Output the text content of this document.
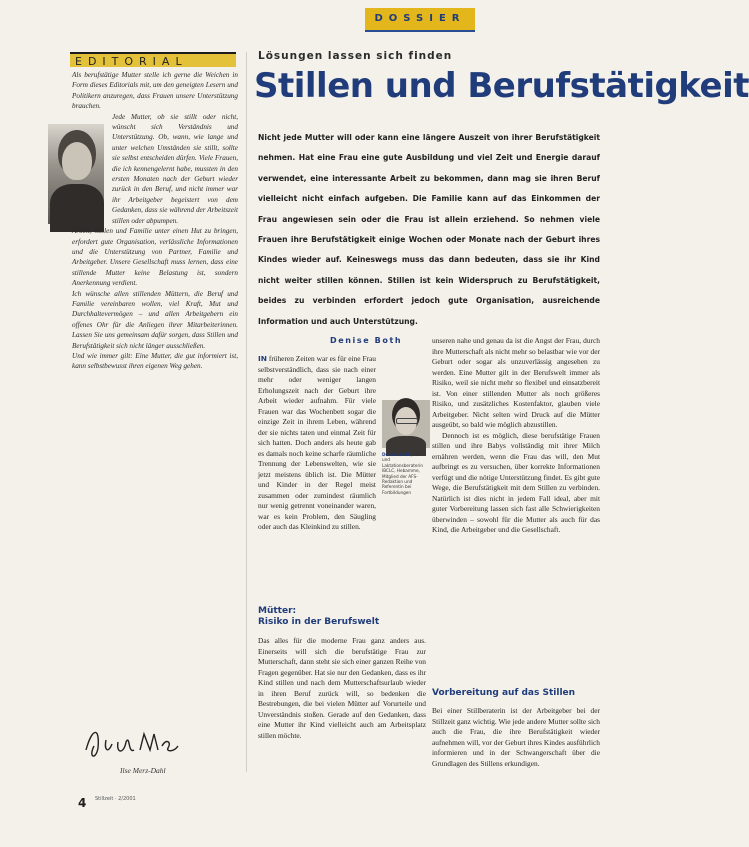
DOSSIER
EDITORIAL

Als berufstätige Mutter stelle ich gerne die Weichen in Form dieses Editorials mit, um den geneigten Lesern und Politikern anzuregen, dass Frauen unsere Unterstützung brauchen.

Jede Mutter, ob sie stillt oder nicht, wünscht sich Verständnis und Unterstützung. Ob, wann, wie lange und unter welchen Umständen sie stillt, sollte sie selbst entscheiden dürfen. Viele Frauen, die ich kennengelernt habe, mussten in den ersten Monaten nach der Geburt wieder zurück in den Beruf, und nicht immer war ihr Arbeitgeber begeistert von dem Gedanken, dass sie während der Arbeitszeit stillen oder abpumpen.

Arbeit, Stillen und Familie unter einen Hut zu bringen, erfordert gute Organisation, verlässliche Informationen und die Unterstützung von Partner, Familie und Arbeitgeber. Unsere Gesellschaft muss lernen, dass eine stillende Mutter keine Belastung ist, sondern Anerkennung verdient.

Ich wünsche allen stillenden Müttern, die Beruf und Familie vereinbaren wollen, viel Kraft, Mut und Durchhaltevermögen – und allen Arbeitgebern ein offenes Ohr für die Anliegen ihrer Mitarbeiterinnen. Lassen Sie uns gemeinsam dafür sorgen, dass Stillen und Berufstätigkeit sich nicht länger ausschließen.

Und wie immer gilt: Eine Mutter, die gut informiert ist, kann selbstbewusst ihren eigenen Weg gehen.

Ilse Merz-Dahl
4 Stillzeit · 2/2001
Lösungen lassen sich finden
Stillen und Berufstätigkeit

Nicht jede Mutter will oder kann eine längere Auszeit von ihrer Berufstätigkeit nehmen. Hat eine Frau eine gute Ausbildung und viel Zeit und Energie darauf verwendet, eine interessante Arbeit zu bekommen, dann mag sie ihren Beruf vielleicht nicht einfach aufgeben. Die Familie kann auf das Einkommen der Frau angewiesen sein oder die Frau ist allein erziehend. So nehmen viele Frauen ihre Berufstätigkeit einige Wochen oder Monate nach der Geburt ihres Kindes wieder auf. Keineswegs muss das dann bedeuten, dass sie ihr Kind nicht weiter stillen können. Stillen ist kein Widerspruch zu Berufstätigkeit, beides zu verbinden erfordert jedoch gute Organisation, ausreichende Information und auch Unterstützung.

Denise Both

IN früheren Zeiten war es für eine Frau selbstverständlich, dass sie nach einer mehr oder weniger langen Erholungszeit nach der Geburt ihre Arbeit wieder aufnahm. Für viele Frauen war das Wochenbett sogar die einzige Zeit in ihrem Leben, während der sie nichts taten und einmal Zeit für sich hatten. Doch anders als heute gab es damals noch keine scharfe räumliche Trennung der Lebenswelten, wie sie jetzt meistens üblich ist. Die Mütter und Kinder in der Regel meist zusammen oder zumindest räumlich nur wenig getrennt voneinander waren, war es kein Problem, den Säugling oder auch das Kleinkind zu stillen.

Denise Both, Still- und Laktationsberaterin IBCLC, Hebamme, Mitglied der AFS-Redaktion und Referentin bei Fortbildungen
Mütter:
Risiko in der Berufswelt

Das alles für die moderne Frau ganz anders aus. Einerseits will sich die berufstätige Frau zur Mutterschaft, dann steht sie sich einer ganzen Reihe von Fragen gegenüber. Hat sie nur den Gedanken, dass es ihr Kind stillen und nach dem Mutterschaftsurlaub wieder in ihren Beruf zurück will, so bedenken die Bestrebungen, die bei vielen Mütter auf Vorurteile und Unverständnis stoßen. Gerade auf den Gedanken, dass eine Mutter ihr Kind vielleicht auch am Arbeitsplatz stillen möchte.

unseren nahe und genau da ist die Angst der Frau, durch ihre Mutterschaft als nicht mehr so belastbar wie vor der Geburt oder sogar als unzuverlässig angesehen zu werden. Eine Mutter gilt in der Berufswelt immer als Risiko, weil sie nicht mehr so flexibel und einsatzbereit ist. Von einer stillenden Mutter als noch größeres Risiko, und zusätzliches Kostenfaktor, glauben viele Arbeitgeber. Nicht selten wird Druck auf die Mütter ausgeübt, so bald wie möglich abzustillen.

Dennoch ist es möglich, diese berufstätige Frauen stillen und ihre Babys vollständig mit ihrer Milch ernähren werden, wenn die Frau das will, den Mut aufbringt es zu versuchen, über korrekte Informationen verfügt und die nötige Unterstützung findet. Es gibt gute Wege, die Berufstätigkeit mit dem Stillen zu verbinden. Natürlich ist dies nicht in jedem Fall ideal, aber mit guter Vorbereitung lassen sich fast alle Schwierigkeiten überwinden – sowohl für die Mutter als auch für das Kind, die Arbeitgeber und die Gesellschaft.

Vorbereitung auf das Stillen

Bei einer Stillberaterin ist der Arbeitgeber bei der Stillzeit ganz wichtig. Wie jede andere Mutter sollte sich auch die Frau, die ihre Berufstätigkeit wieder aufnehmen will, vor der Geburt ihres Kindes ausführlich informieren und in der Schwangerschaft über die Grundlagen des Stillens erkundigen.
